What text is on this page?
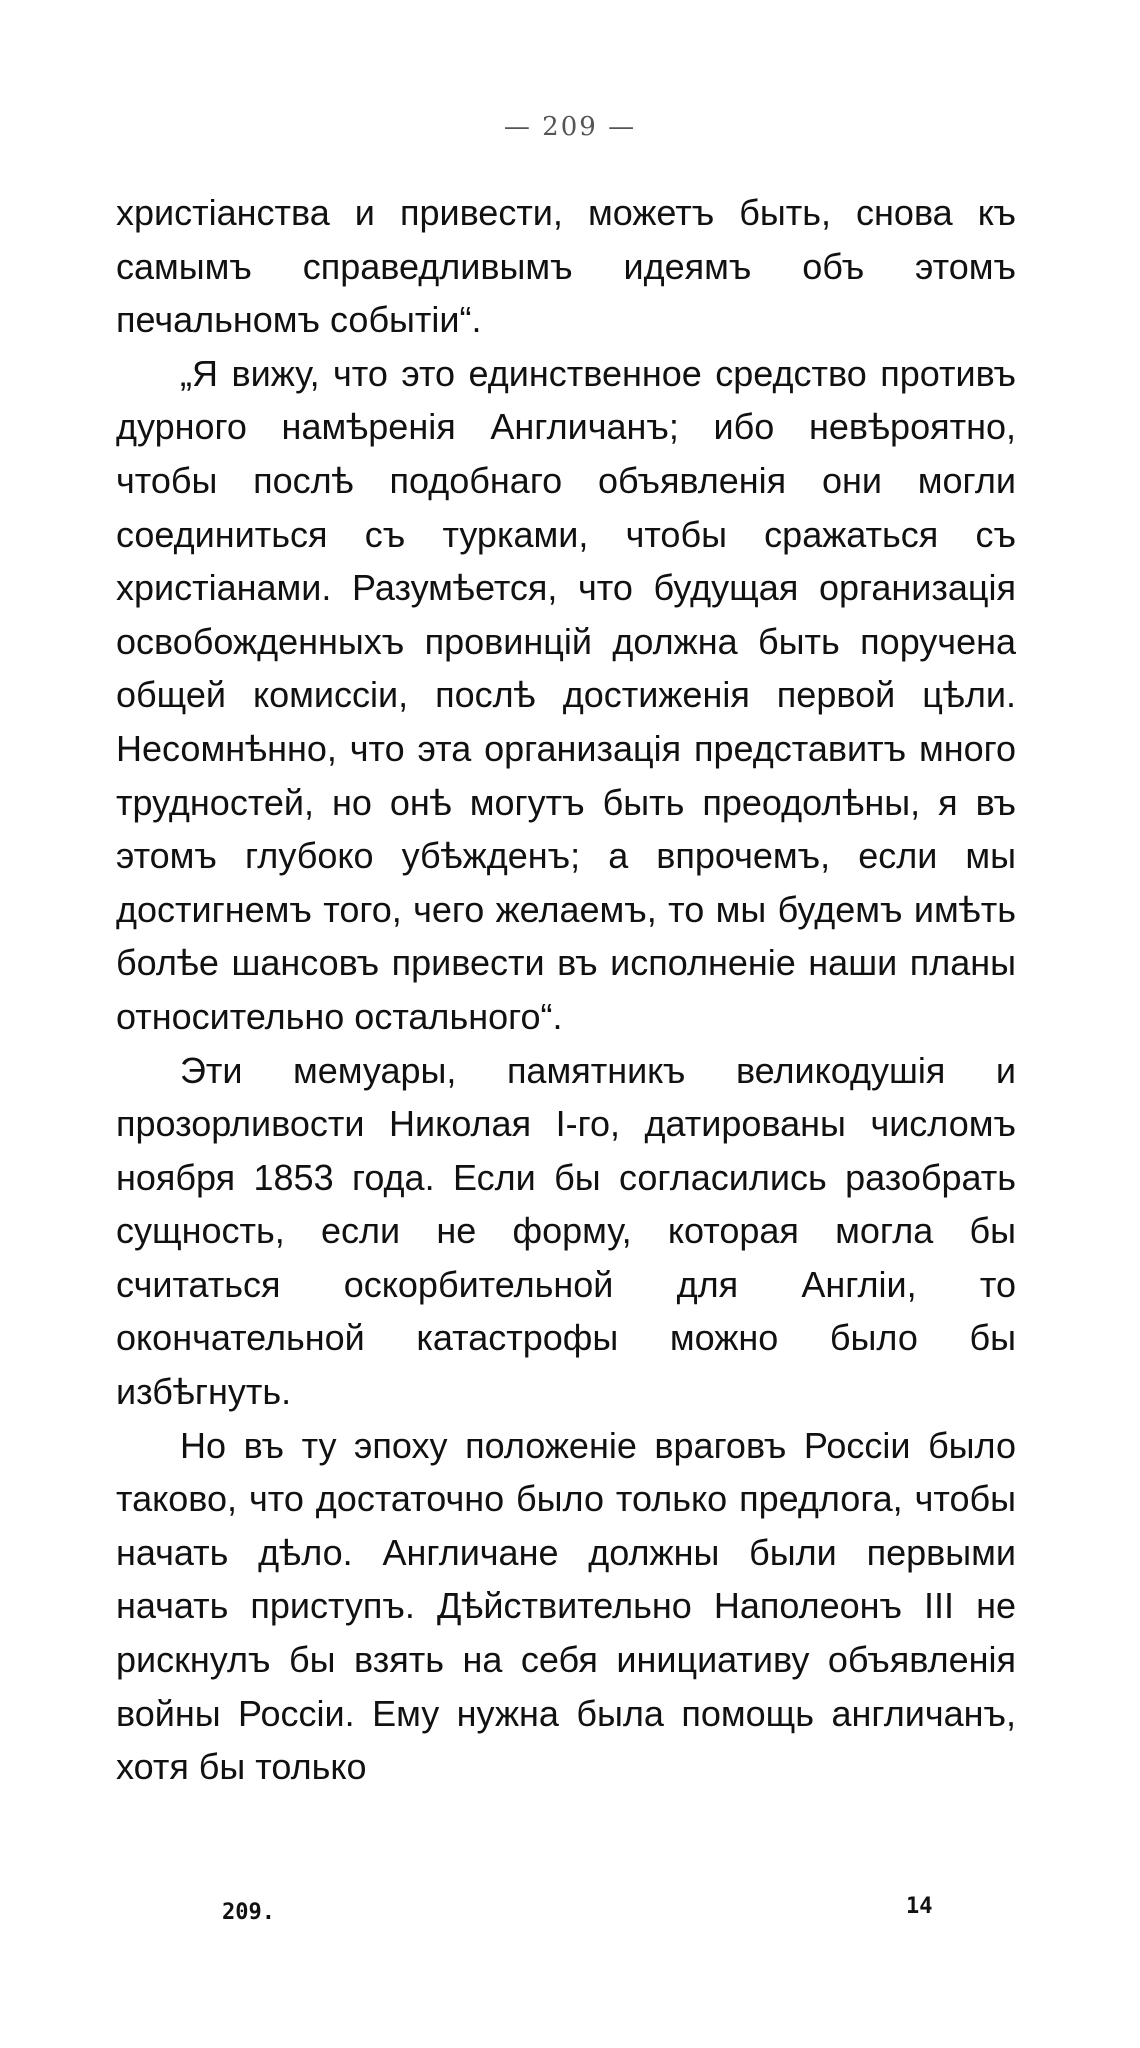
— 209 —

христіанства и привести, можетъ быть, снова къ самымъ справедливымъ идеямъ объ этомъ печальномъ событіи“.

„Я вижу, что это единственное средство противъ дурного намѣренія Англичанъ; ибо невѣроятно, чтобы послѣ подобнаго объявленія они могли соединиться съ турками, чтобы сражаться съ христіанами. Разумѣется, что будущая организація освобожденныхъ провинцій должна быть поручена общей комиссіи, послѣ достиженія первой цѣли. Несомнѣнно, что эта организація представитъ много трудностей, но онѣ могутъ быть преодолѣны, я въ этомъ глубоко убѣжденъ; а впрочемъ, если мы достигнемъ того, чего желаемъ, то мы будемъ имѣть болѣе шансовъ привести въ исполненіе наши планы относительно остального“.

Эти мемуары, памятникъ великодушія и прозорливости Николая I-го, датированы числомъ ноября 1853 года. Если бы согласились разобрать сущность, если не форму, которая могла бы считаться оскорбительной для Англіи, то окончательной катастрофы можно было бы избѣгнуть.

Но въ ту эпоху положеніе враговъ Россіи было таково, что достаточно было только предлога, чтобы начать дѣло. Англичане должны были первыми начать приступъ. Дѣйствительно Наполеонъ III не рискнулъ бы взять на себя инициативу объявленія войны Россіи. Ему нужна была помощь англичанъ, хотя бы только

209.	14
